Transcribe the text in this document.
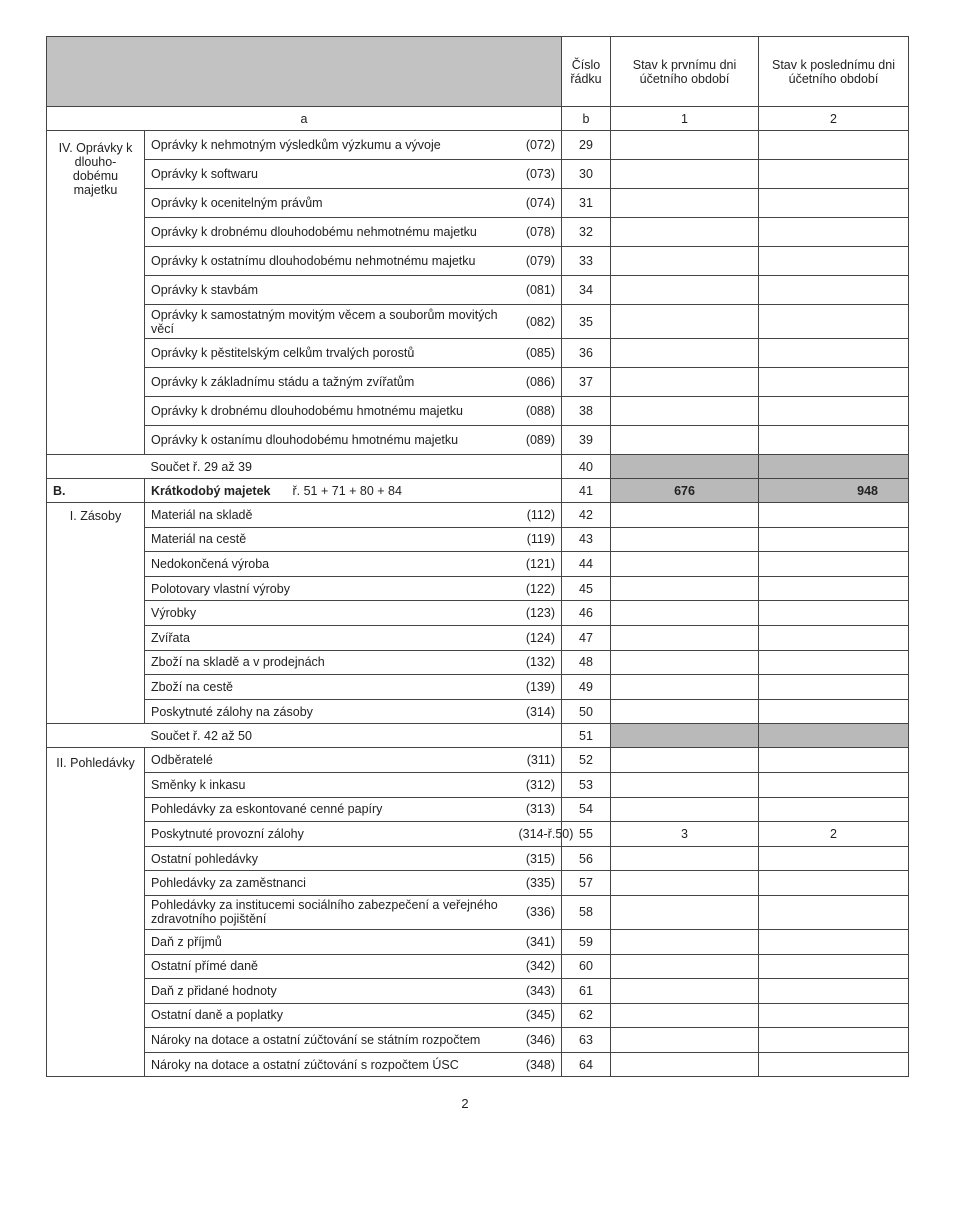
			Číslo řádku	Stav k prvnímu dni účetního období	Stav k poslednímu dni účetního období
a			b	1	2
IV. Oprávky k dlouho-dobému majetku	Oprávky k nehmotným výsledkům výzkumu a vývoje	(072)	29		
	Oprávky k softwaru	(073)	30		
	Oprávky k ocenitelným právům	(074)	31		
	Oprávky k drobnému dlouhodobému nehmotnému majetku	(078)	32		
	Oprávky k ostatnímu dlouhodobému nehmotnému majetku	(079)	33		
	Oprávky k stavbám	(081)	34		
	Oprávky k samostatným movitým věcem a souborům movitých věcí	(082)	35		
	Oprávky k pěstitelským celkům trvalých porostů	(085)	36		
	Oprávky k základnímu stádu a tažným zvířatům	(086)	37		
	Oprávky k drobnému dlouhodobému hmotnému majetku	(088)	38		
	Oprávky k ostanímu dlouhodobému hmotnému majetku	(089)	39		
	Součet ř. 29 až 39		40		
B.	Krátkodobý majetek ř. 51 + 71 + 80 + 84		41	676	948
I. Zásoby	Materiál na skladě	(112)	42		
	Materiál na cestě	(119)	43		
	Nedokončená výroba	(121)	44		
	Polotovary vlastní výroby	(122)	45		
	Výrobky	(123)	46		
	Zvířata	(124)	47		
	Zboží na skladě a v prodejnách	(132)	48		
	Zboží na cestě	(139)	49		
	Poskytnuté zálohy na zásoby	(314)	50		
	Součet ř. 42 až 50		51		
II. Pohledávky	Odběratelé	(311)	52		
	Směnky k inkasu	(312)	53		
	Pohledávky za eskontované cenné papíry	(313)	54		
	Poskytnuté provozní zálohy	(314-ř.50)	55	3	2
	Ostatní pohledávky	(315)	56		
	Pohledávky za zaměstnanci	(335)	57		
	Pohledávky za institucemi sociálního zabezpečení a veřejného zdravotního pojištění	(336)	58		
	Daň z příjmů	(341)	59		
	Ostatní přímé daně	(342)	60		
	Daň z přidané hodnoty	(343)	61		
	Ostatní daně a poplatky	(345)	62		
	Nároky na dotace a ostatní zúčtování se státním rozpočtem	(346)	63		
	Nároky na dotace a ostatní zúčtování s rozpočtem ÚSC	(348)	64		
2
